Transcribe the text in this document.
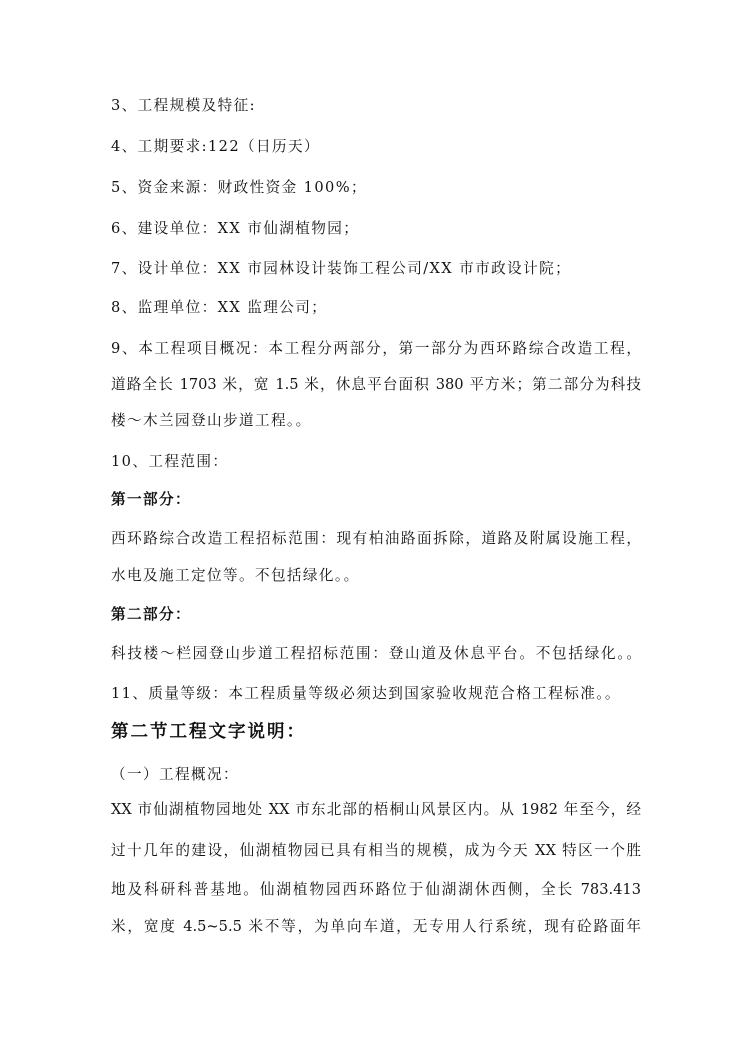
3、工程规模及特征:
4、工期要求:122（日历天）
5、资金来源：财政性资金 100%；
6、建设单位：XX 市仙湖植物园；
7、设计单位：XX 市园林设计装饰工程公司/XX 市市政设计院；
8、监理单位：XX 监理公司；
9、本工程项目概况：本工程分两部分，第一部分为西环路综合改造工程，
道路全长 1703 米，宽 1.5 米，休息平台面积 380 平方米；第二部分为科技
楼～木兰园登山步道工程。。
10、工程范围：
第一部分：
西环路综合改造工程招标范围：现有柏油路面拆除，道路及附属设施工程，
水电及施工定位等。不包括绿化。。
第二部分：
科技楼～栏园登山步道工程招标范围：登山道及休息平台。不包括绿化。。
11、质量等级：本工程质量等级必须达到国家验收规范合格工程标准。。
第二节工程文字说明：
（一）工程概况：
XX 市仙湖植物园地处 XX 市东北部的梧桐山风景区内。从 1982 年至今，经
过十几年的建设，仙湖植物园已具有相当的规模，成为今天 XX 特区一个胜
地及科研科普基地。仙湖植物园西环路位于仙湖湖休西侧，全长 783.413
米，宽度 4.5~5.5 米不等，为单向车道，无专用人行系统，现有砼路面年
